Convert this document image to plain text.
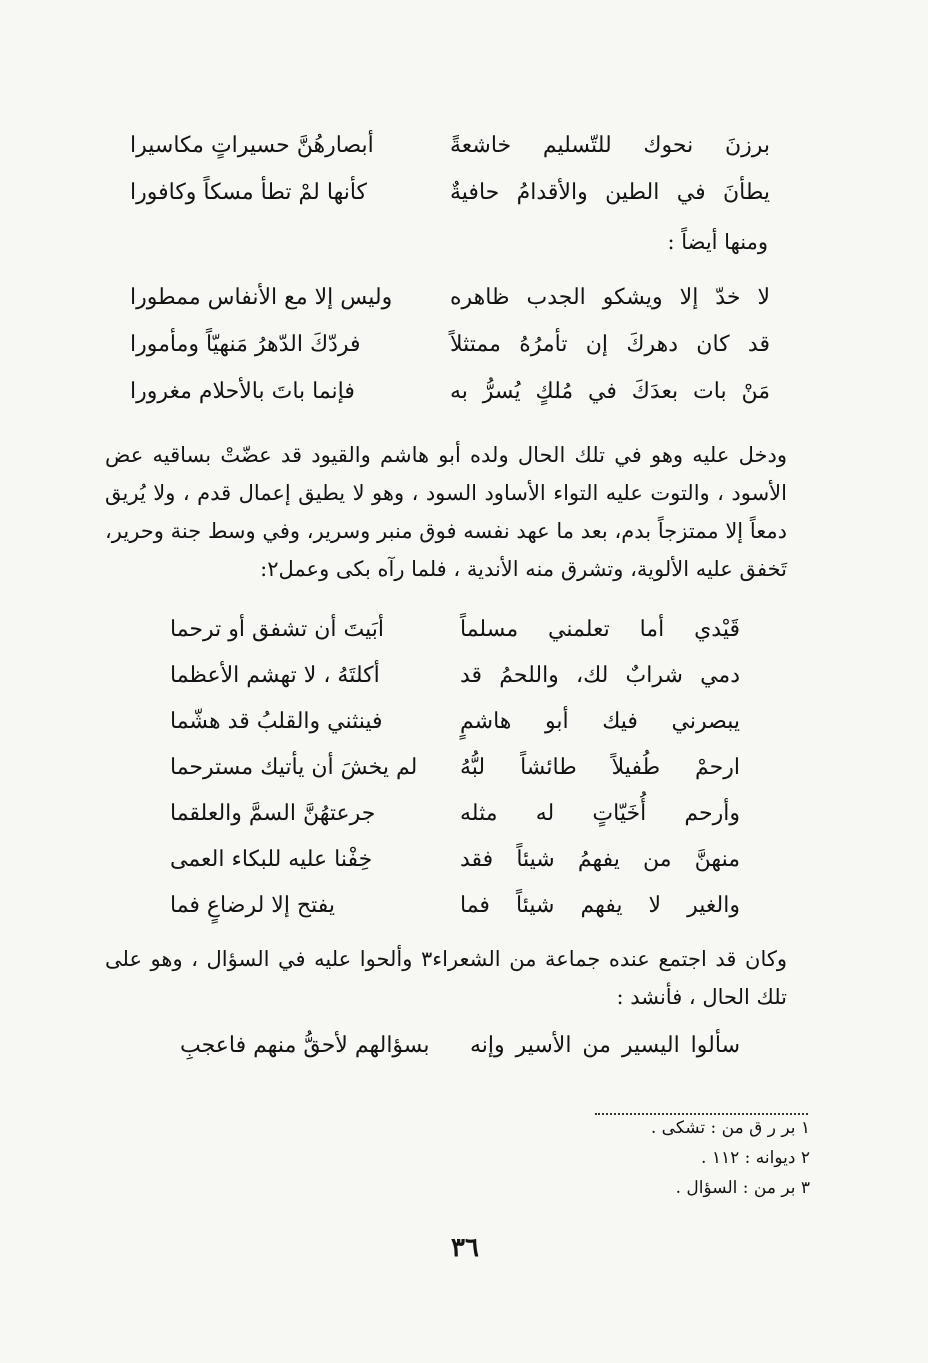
برزنَ نحوك للتّسليم خاشعةً
أبصارهُنَّ حسيراتٍ مكاسيرا
يطأنَ في الطين والأقدامُ حافيةٌ
كأنها لمْ تطأ مسكاً وكافورا
ومنها أيضاً :
لا خدّ إلا ويشكو الجدب ظاهره
وليس إلا مع الأنفاس ممطورا
قد كان دهركَ إن تأمرُهُ ممتثلاً
فردّكَ الدّهرُ مَنهيّاً ومأمورا
مَنْ بات بعدَكَ في مُلكٍ يُسرُّ به
فإنما باتَ بالأحلام مغرورا
ودخل عليه وهو في تلك الحال ولده أبو هاشم والقيود قد عضّتْ بساقيه عض الأسود ، والتوت عليه التواء الأساود السود ، وهو لا يطيق إعمال قدم ، ولا يُريق دمعاً إلا ممتزجاً بدم، بعد ما عهد نفسه فوق منبر وسرير، وفي وسط جنة وحرير، تَخفق عليه الألوية، وتشرق منه الأندية ، فلما رآه بكى وعمل٢:
قَيْدي أما تعلمني مسلماً
أبَيتَ أن تشفق أو ترحما
دمي شرابٌ لك، واللحمُ قد
أكلتَهُ ، لا تهشم الأعظما
يبصرني فيك أبو هاشمٍ
فينثني والقلبُ قد هشّما
ارحمْ طُفيلاً طائشاً لبُّهُ
لم يخشَ أن يأتيك مسترحما
وأرحم أُخَيّاتٍ له مثله
جرعتهُنَّ السمَّ والعلقما
منهنَّ من يفهمُ شيئاً فقد
خِفْنا عليه للبكاء العمى
والغير لا يفهم شيئاً فما
يفتح إلا لرضاعٍ فما
وكان قد اجتمع عنده جماعة من الشعراء٣ وألحوا عليه في السؤال ، وهو على تلك الحال ، فأنشد :
سألوا اليسير من الأسير وإنه
بسؤالهم لأحقُّ منهم فاعجبِ
١ بر ر ق من : تشكى .
٢ ديوانه : ١١٢ .
٣ بر من : السؤال .
٣٦
